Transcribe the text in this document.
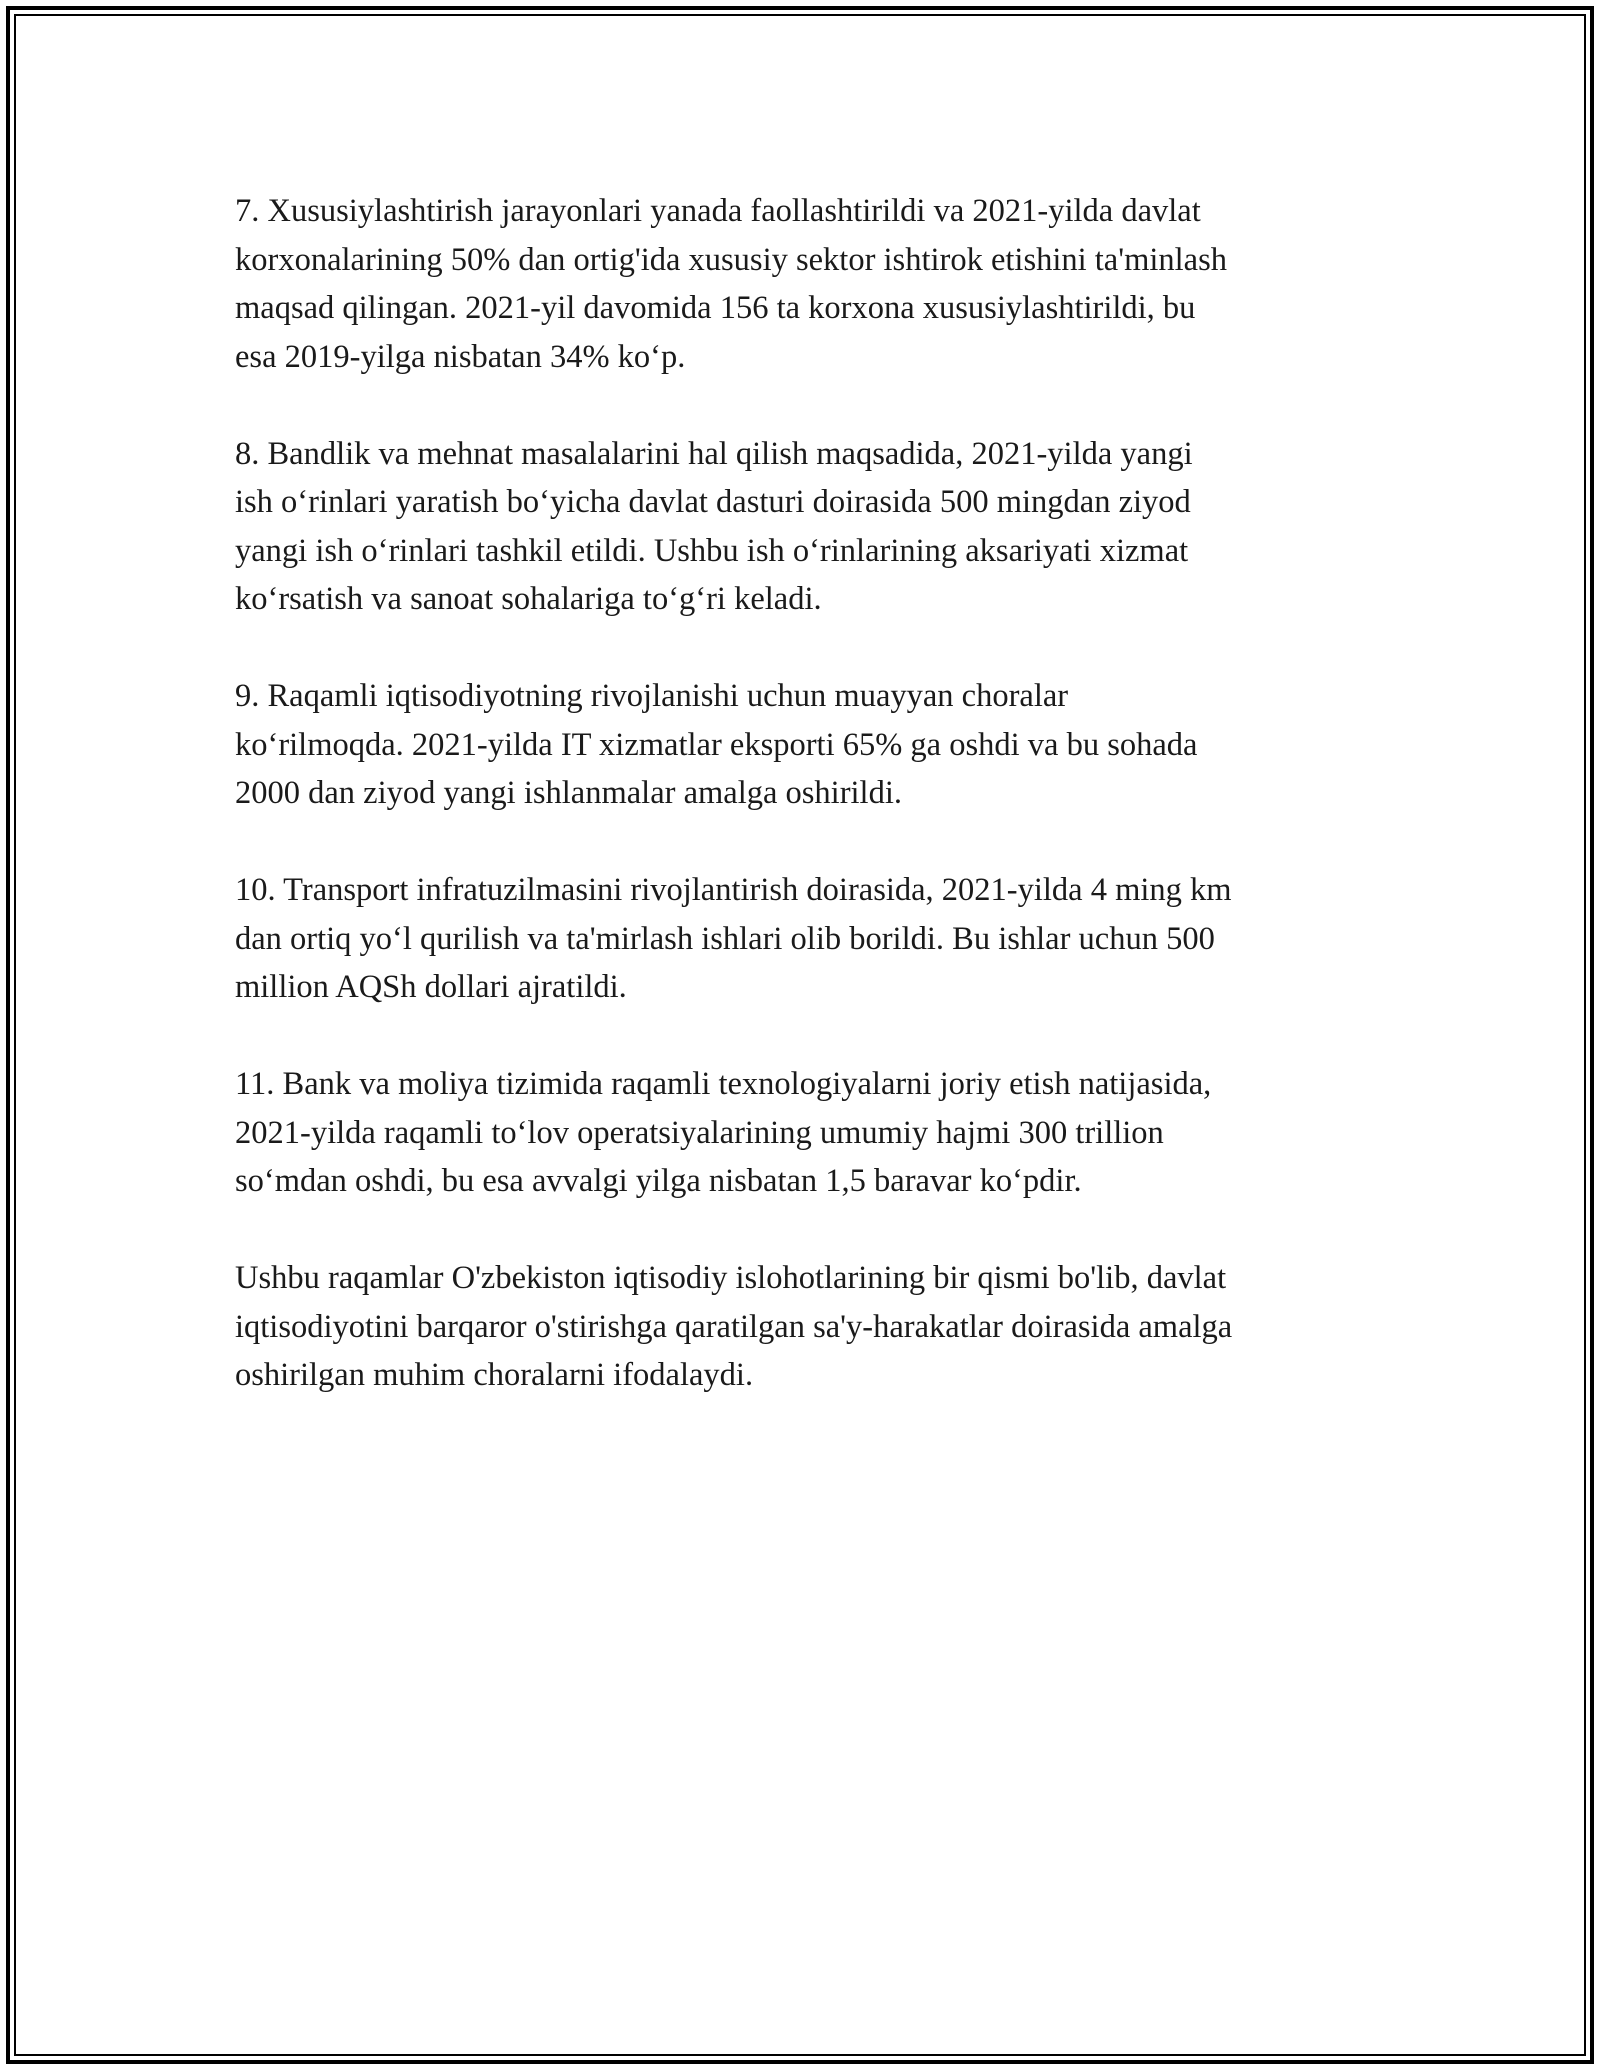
7. Xususiylashtirish jarayonlari yanada faollashtirildi va 2021-yilda davlat
korxonalarining 50% dan ortig'ida xususiy sektor ishtirok etishini ta'minlash
maqsad qilingan. 2021-yil davomida 156 ta korxona xususiylashtirildi, bu
esa 2019-yilga nisbatan 34% koʻp.

8. Bandlik va mehnat masalalarini hal qilish maqsadida, 2021-yilda yangi
ish oʻrinlari yaratish boʻyicha davlat dasturi doirasida 500 mingdan ziyod
yangi ish oʻrinlari tashkil etildi. Ushbu ish oʻrinlarining aksariyati xizmat
koʻrsatish va sanoat sohalariga toʻgʻri keladi.

9. Raqamli iqtisodiyotning rivojlanishi uchun muayyan choralar
koʻrilmoqda. 2021-yilda IT xizmatlar eksporti 65% ga oshdi va bu sohada
2000 dan ziyod yangi ishlanmalar amalga oshirildi.

10. Transport infratuzilmasini rivojlantirish doirasida, 2021-yilda 4 ming km
dan ortiq yoʻl qurilish va ta'mirlash ishlari olib borildi. Bu ishlar uchun 500
million AQSh dollari ajratildi.

11. Bank va moliya tizimida raqamli texnologiyalarni joriy etish natijasida,
2021-yilda raqamli toʻlov operatsiyalarining umumiy hajmi 300 trillion
soʻmdan oshdi, bu esa avvalgi yilga nisbatan 1,5 baravar koʻpdir.

Ushbu raqamlar O'zbekiston iqtisodiy islohotlarining bir qismi bo'lib, davlat
iqtisodiyotini barqaror o'stirishga qaratilgan sa'y-harakatlar doirasida amalga
oshirilgan muhim choralarni ifodalaydi.
